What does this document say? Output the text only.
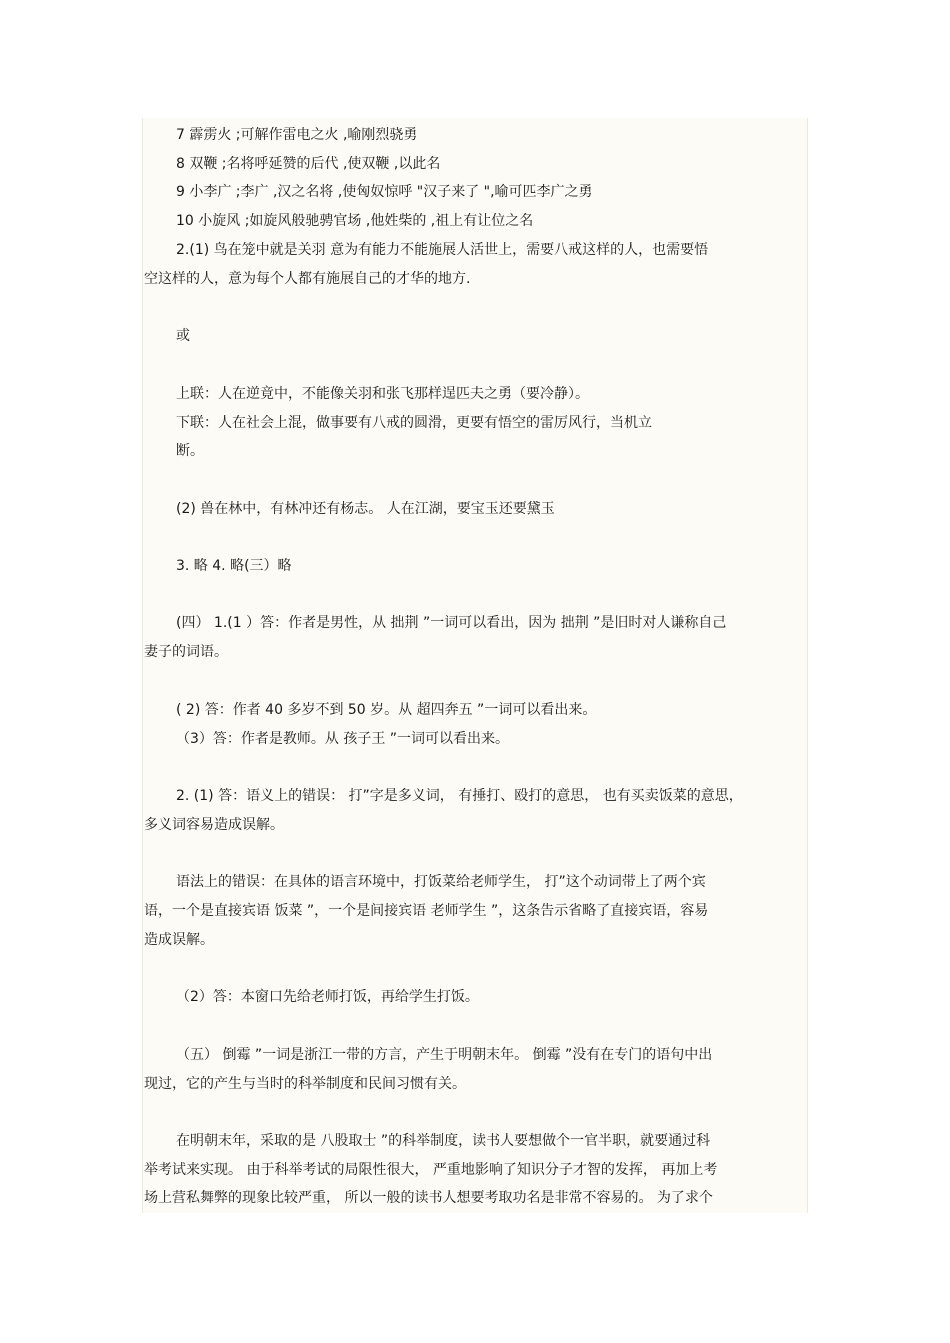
7 霹雳火 ;可解作雷电之火 ,喻刚烈骁勇
8 双鞭 ;名将呼延赞的后代 ,使双鞭 ,以此名
9 小李广 ;李广 ,汉之名将 ,使匈奴惊呼 "汉子来了 ",喻可匹李广之勇
10 小旋风 ;如旋风般驰骋官场 ,他姓柴的 ,祖上有让位之名
2.(1) 鸟在笼中就是关羽 意为有能力不能施展人活世上，需要八戒这样的人，也需要悟
空这样的人，意为每个人都有施展自己的才华的地方.
或
上联：人在逆竟中，不能像关羽和张飞那样逞匹夫之勇（要冷静）。
下联：人在社会上混，做事要有八戒的圆滑，更要有悟空的雷厉风行，当机立
断。
(2) 兽在林中，有林冲还有杨志。 人在江湖，要宝玉还要黛玉
3. 略 4. 略(三）略
(四） 1.(1 ）答：作者是男性，从 拙荆 ”一词可以看出，因为 拙荆 ”是旧时对人谦称自己
妻子的词语。
( 2) 答：作者 40 多岁不到 50 岁。从 超四奔五 ”一词可以看出来。
（3）答：作者是教师。从 孩子王 ”一词可以看出来。
2. (1) 答：语义上的错误： 打”字是多义词， 有捶打、殴打的意思， 也有买卖饭菜的意思，
多义词容易造成误解。
语法上的错误：在具体的语言环境中，打饭菜给老师学生， 打”这个动词带上了两个宾
语，一个是直接宾语 饭菜 ”，一个是间接宾语 老师学生 ”，这条告示省略了直接宾语，容易
造成误解。
（2）答：本窗口先给老师打饭，再给学生打饭。
（五） 倒霉 ”一词是浙江一带的方言，产生于明朝末年。 倒霉 ”没有在专门的语句中出
现过，它的产生与当时的科举制度和民间习惯有关。
在明朝末年，采取的是 八股取士 ”的科举制度，读书人要想做个一官半职，就要通过科
举考试来实现。 由于科举考试的局限性很大， 严重地影响了知识分子才智的发挥， 再加上考
场上营私舞弊的现象比较严重， 所以一般的读书人想要考取功名是非常不容易的。 为了求个
